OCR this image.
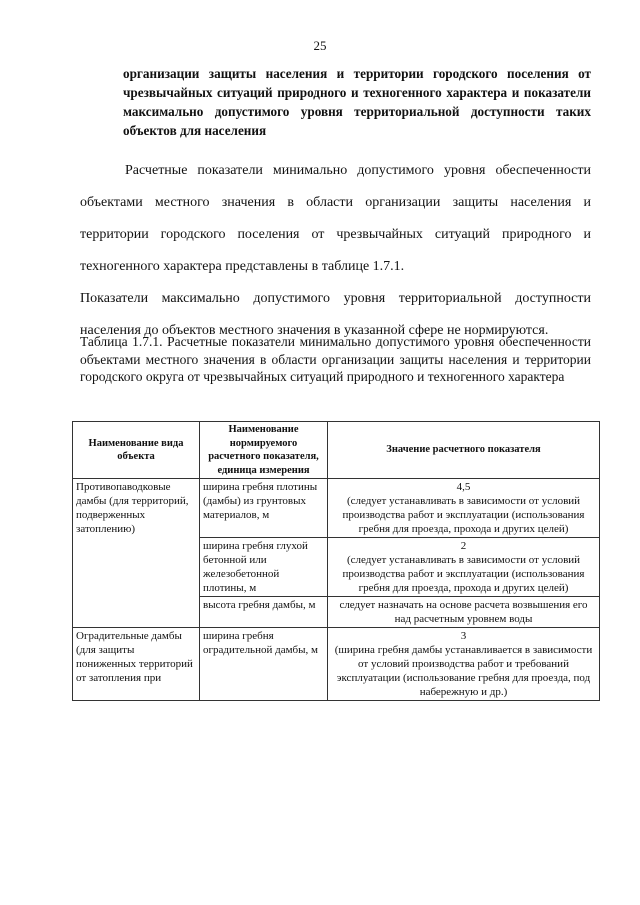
25
организации защиты населения и территории городского поселения от чрезвычайных ситуаций природного и техногенного характера и показатели максимально допустимого уровня территориальной доступности таких объектов для населения

Расчетные показатели минимально допустимого уровня обеспеченности объектами местного значения в области организации защиты населения и территории городского поселения от чрезвычайных ситуаций природного и техногенного характера представлены в таблице 1.7.1.

Показатели максимально допустимого уровня территориальной доступности населения до объектов местного значения в указанной сфере не нормируются.

Таблица 1.7.1. Расчетные показатели минимально допустимого уровня обеспеченности объектами местного значения в области организации защиты населения и территории городского округа от чрезвычайных ситуаций природного и техногенного характера
Наименование вида объекта	Наименование нормируемого расчетного показателя, единица измерения	Значение расчетного показателя
Противопаводковые дамбы (для территорий, подверженных затоплению)	ширина гребня плотины (дамбы) из грунтовых материалов, м	4,5
(следует устанавливать в зависимости от условий производства работ и эксплуатации (использования гребня для проезда, прохода и других целей)
	ширина гребня глухой бетонной или железобетонной плотины, м	2
(следует устанавливать в зависимости от условий производства работ и эксплуатации (использования гребня для проезда, прохода и других целей)
	высота гребня дамбы, м	следует назначать на основе расчета возвышения его над расчетным уровнем воды
Оградительные дамбы (для защиты пониженных территорий от затопления при	ширина гребня оградительной дамбы, м	3
(ширина гребня дамбы устанавливается в зависимости от условий производства работ и требований эксплуатации (использование гребня для проезда, под набережную и др.)
